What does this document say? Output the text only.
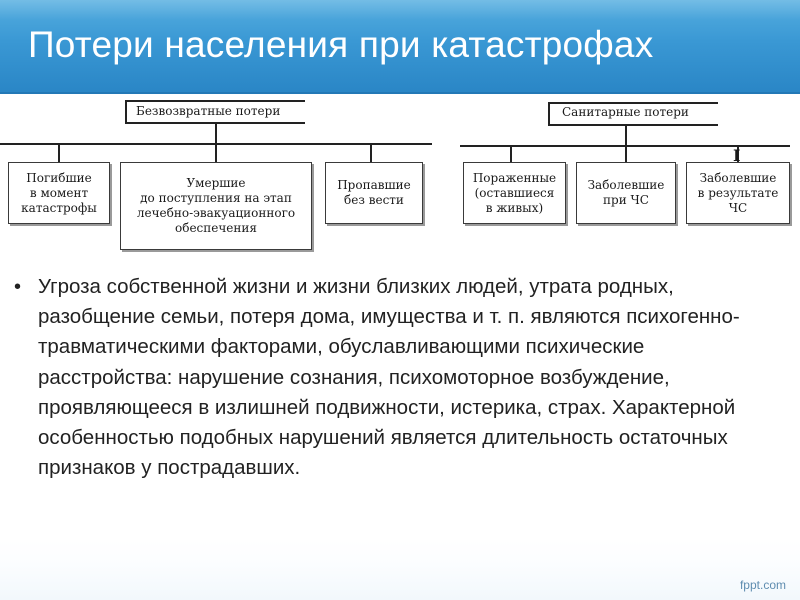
Потери населения при катастрофах
Безвозвратные потери
Погибшие
в момент
катастрофы
Умершие
до поступления на этап
лечебно-эвакуационного
обеспечения
Пропавшие
без вести
Санитарные потери
I
Пораженные
(оставшиеся
в живых)
Заболевшие
при ЧС
Заболевшие
в результате
ЧС
• Угроза собственной жизни и жизни близких людей, утрата родных, разобщение семьи, потеря дома, имущества и т. п. являются психогенно-травматическими факторами, обуславливающими психические расстройства: нарушение сознания, психомоторное возбуждение, проявляющееся в излишней подвижности, истерика, страх. Характерной особенностью подобных нарушений является длительность остаточных признаков у пострадавших.
fppt.com
